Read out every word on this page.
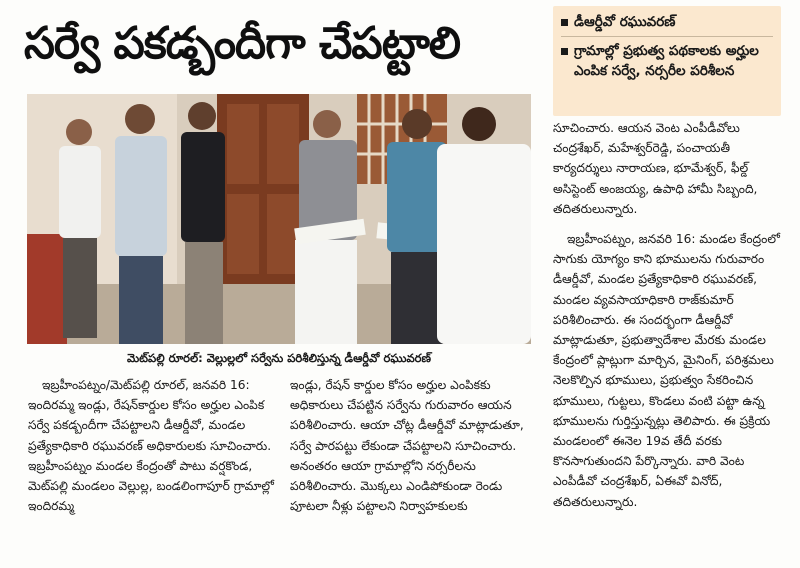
సర్వే పకడ్బందీగా చేపట్టాలి	డీఆర్డీవో రఘువరణ్
గ్రామాల్లో ప్రభుత్వ పథకాలకు అర్హుల ఎంపిక సర్వే, నర్సరీల పరిశీలన
మెట్‌పల్లి రూరల్‌: వెల్లుల్లలో సర్వేను పరిశీలిస్తున్న డీఆర్డీవో రఘువరణ్‌

ఇబ్రహీంపట్నం/మెట్‌పల్లి రూరల్‌, జనవరి 16: ఇందిరమ్మ ఇండ్లు, రేషన్‌కార్డుల కోసం అర్హుల ఎంపిక సర్వే పకడ్బందీగా చేపట్టాలని డీఆర్డీవో, మండల ప్రత్యేకాధికారి రఘువరణ్‌ అధికారులకు సూచించారు. ఇబ్రహీంపట్నం మండల కేంద్రంతో పాటు వర్షకొండ, మెట్‌పల్లి మండలం వెల్లుల్ల, బండలింగాపూర్‌ గ్రామాల్లో ఇందిరమ్మ

ఇండ్లు, రేషన్‌ కార్డుల కోసం అర్హుల ఎంపికకు అధికారులు చేపట్టిన సర్వేను గురువారం ఆయన పరిశీలించారు. ఆయా చోట్ల డీఆర్డీవో మాట్లాడుతూ, సర్వే పారపట్టు లేకుండా చేపట్టాలని సూచించారు. అనంతరం ఆయా గ్రామాల్లోని నర్సరీలను పరిశీలించారు. మొక్కలు ఎండిపోకుండా రెండు పూటలా నీళ్లు పట్టాలని నిర్వాహకులకు

సూచించారు. ఆయన వెంట ఎంపీడీవోలు చంద్రశేఖర్‌, మహేశ్వర్‌రెడ్డి, పంచాయతీ కార్యదర్శులు నారాయణ, భూమేశ్వర్‌, ఫీల్డ్‌ అసిస్టెంట్‌ అంజయ్య, ఉపాధి హామీ సిబ్బంది, తదితరులున్నారు.

ఇబ్రహీంపట్నం, జనవరి 16: మండల కేంద్రంలో సాగుకు యోగ్యం కాని భూములను గురువారం డీఆర్డీవో, మండల ప్రత్యేకాధికారి రఘువరణ్‌, మండల వ్యవసాయాధికారి రాజ్‌కుమార్‌ పరిశీలించారు. ఈ సందర్భంగా డీఆర్డీవో మాట్లాడుతూ, ప్రభుత్వాదేశాల మేరకు మండల కేంద్రంలో ప్లాట్లుగా మార్చిన, మైనింగ్‌, పరిశ్రమలు నెలకొల్పిన భూములు, ప్రభుత్వం సేకరించిన భూములు, గుట్టలు, కొండలు వంటి పట్టా ఉన్న భూములను గుర్తిస్తున్నట్లు తెలిపారు. ఈ ప్రక్రియ మండలంలో ఈనెల 19వ తేదీ వరకు కొనసాగుతుందని పేర్కొన్నారు. వారి వెంట ఎంపీడీవో చంద్రశేఖర్‌, ఏఈవో వినోద్‌, తదితరులున్నారు.
